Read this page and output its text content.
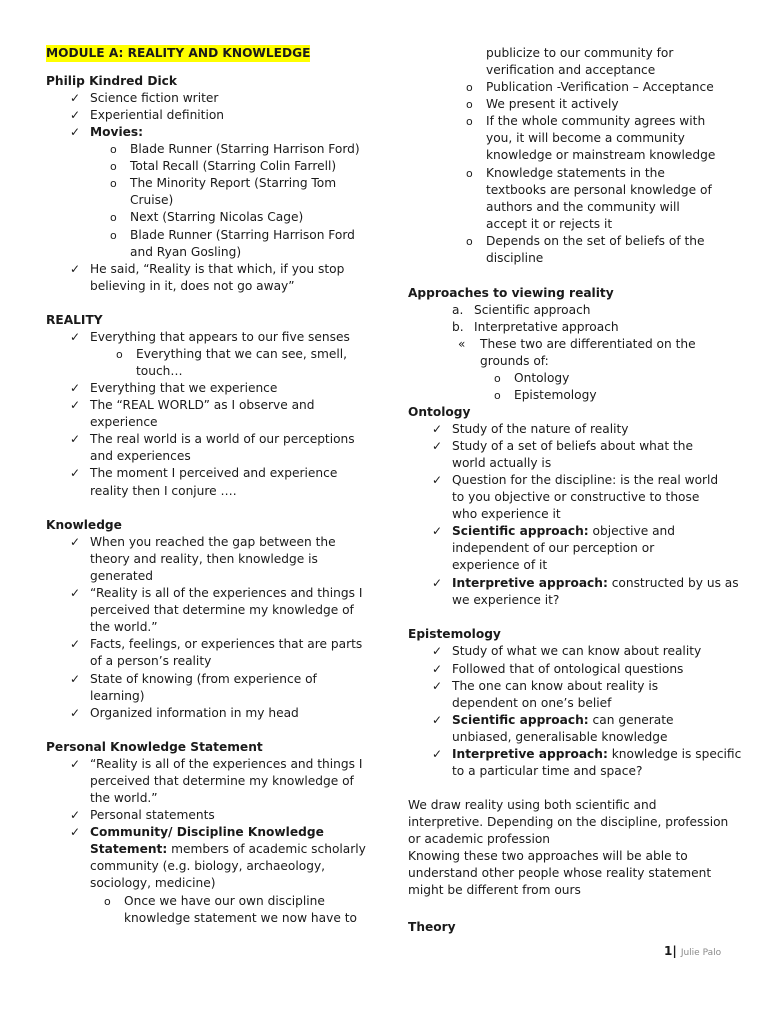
MODULE A: REALITY AND KNOWLEDGE
Philip Kindred Dick
✓ Science fiction writer
✓ Experiential definition
✓ Movies:
o Blade Runner (Starring Harrison Ford)
o Total Recall (Starring Colin Farrell)
o The Minority Report (Starring Tom
Cruise)
o Next (Starring Nicolas Cage)
o Blade Runner (Starring Harrison Ford
and Ryan Gosling)
✓ He said, “Reality is that which, if you stop
believing in it, does not go away”
REALITY
✓ Everything that appears to our five senses
o Everything that we can see, smell,
touch…
✓ Everything that we experience
✓ The “REAL WORLD” as I observe and
experience
✓ The real world is a world of our perceptions
and experiences
✓ The moment I perceived and experience
reality then I conjure ….
Knowledge
✓ When you reached the gap between the
theory and reality, then knowledge is
generated
✓ “Reality is all of the experiences and things I
perceived that determine my knowledge of
the world.”
✓ Facts, feelings, or experiences that are parts
of a person’s reality
✓ State of knowing (from experience of
learning)
✓ Organized information in my head
Personal Knowledge Statement
✓ “Reality is all of the experiences and things I
perceived that determine my knowledge of
the world.”
✓ Personal statements
✓ Community/ Discipline Knowledge
Statement: members of academic scholarly
community (e.g. biology, archaeology,
sociology, medicine)
o Once we have our own discipline
knowledge statement we now have to
publicize to our community for
verification and acceptance
o Publication -Verification – Acceptance
o We present it actively
o If the whole community agrees with
you, it will become a community
knowledge or mainstream knowledge
o Knowledge statements in the
textbooks are personal knowledge of
authors and the community will
accept it or rejects it
o Depends on the set of beliefs of the
discipline
Approaches to viewing reality
a. Scientific approach
b. Interpretative approach
« These two are differentiated on the
grounds of:
o Ontology
o Epistemology
Ontology
✓ Study of the nature of reality
✓ Study of a set of beliefs about what the
world actually is
✓ Question for the discipline: is the real world
to you objective or constructive to those
who experience it
✓ Scientific approach: objective and
independent of our perception or
experience of it
✓ Interpretive approach: constructed by us as
we experience it?
Epistemology
✓ Study of what we can know about reality
✓ Followed that of ontological questions
✓ The one can know about reality is
dependent on one’s belief
✓ Scientific approach: can generate
unbiased, generalisable knowledge
✓ Interpretive approach: knowledge is specific
to a particular time and space?
We draw reality using both scientific and
interpretive. Depending on the discipline, profession
or academic profession
Knowing these two approaches will be able to
understand other people whose reality statement
might be different from ours
Theory
1| Julie Palo
